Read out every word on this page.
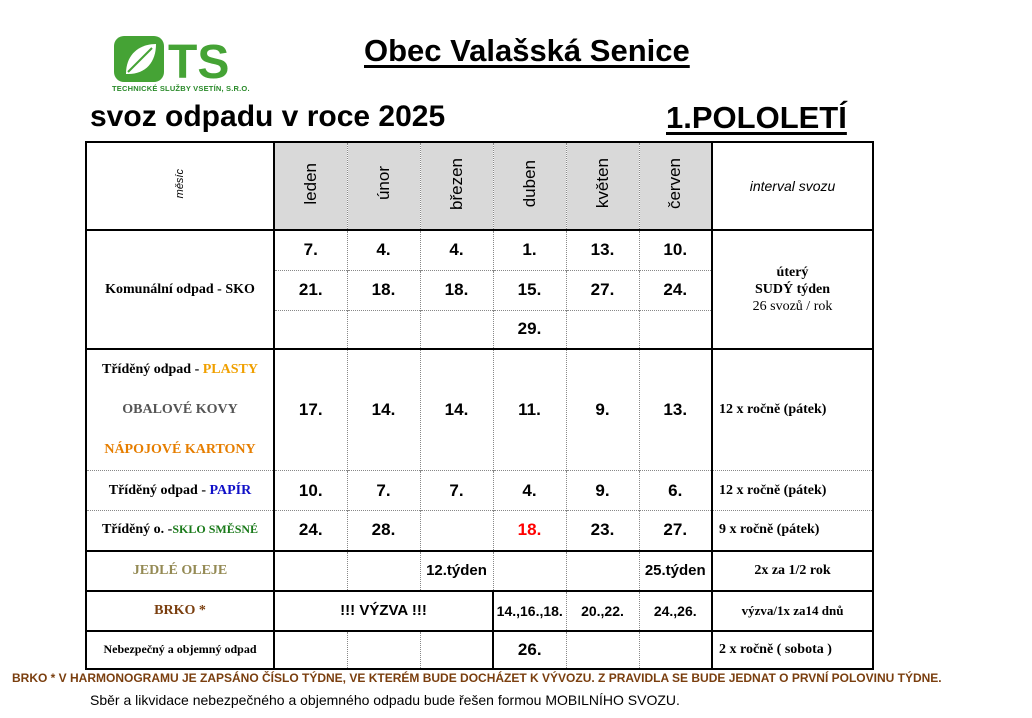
TS
TECHNICKÉ SLUŽBY VSETÍN, S.R.O.
Obec Valašská Senice
svoz odpadu v roce 2025	1.POLOLETÍ
měsíc	leden	únor	březen	duben	květen	červen	interval svozu
Komunální odpad - SKO	7.	4.	4.	1.	13.	10.	úterý
SUDÝ týden
26 svozů / rok

	21.	18.	18.	15.	27.	24.	
				29.			

Tříděný odpad - PLASTY
OBALOVÉ KOVY
NÁPOJOVÉ KARTONY	17.	14.	14.	11.	9.	13.	12 x ročně (pátek)
Tříděný odpad - PAPÍR	10.	7.	7.	4.	9.	6.	12 x ročně (pátek)
Tříděný o. -SKLO SMĚSNÉ	24.	28.		18.	23.	27.	9 x ročně (pátek)
JEDLÉ OLEJE			12.týden			25.týden	2x za 1/2 rok
BRKO *	!!! VÝZVA !!!			14.,16.,18.	20.,22.	24.,26.	výzva/1x za14 dnů
Nebezpečný a objemný odpad				26.			2 x ročně ( sobota )
BRKO * V HARMONOGRAMU JE ZAPSÁNO ČÍSLO TÝDNE, VE KTERÉM BUDE DOCHÁZET K VÝVOZU. Z PRAVIDLA SE BUDE JEDNAT O PRVNÍ POLOVINU TÝDNE.
Sběr a likvidace nebezpečného a objemného odpadu bude řešen formou MOBILNÍHO SVOZU.
